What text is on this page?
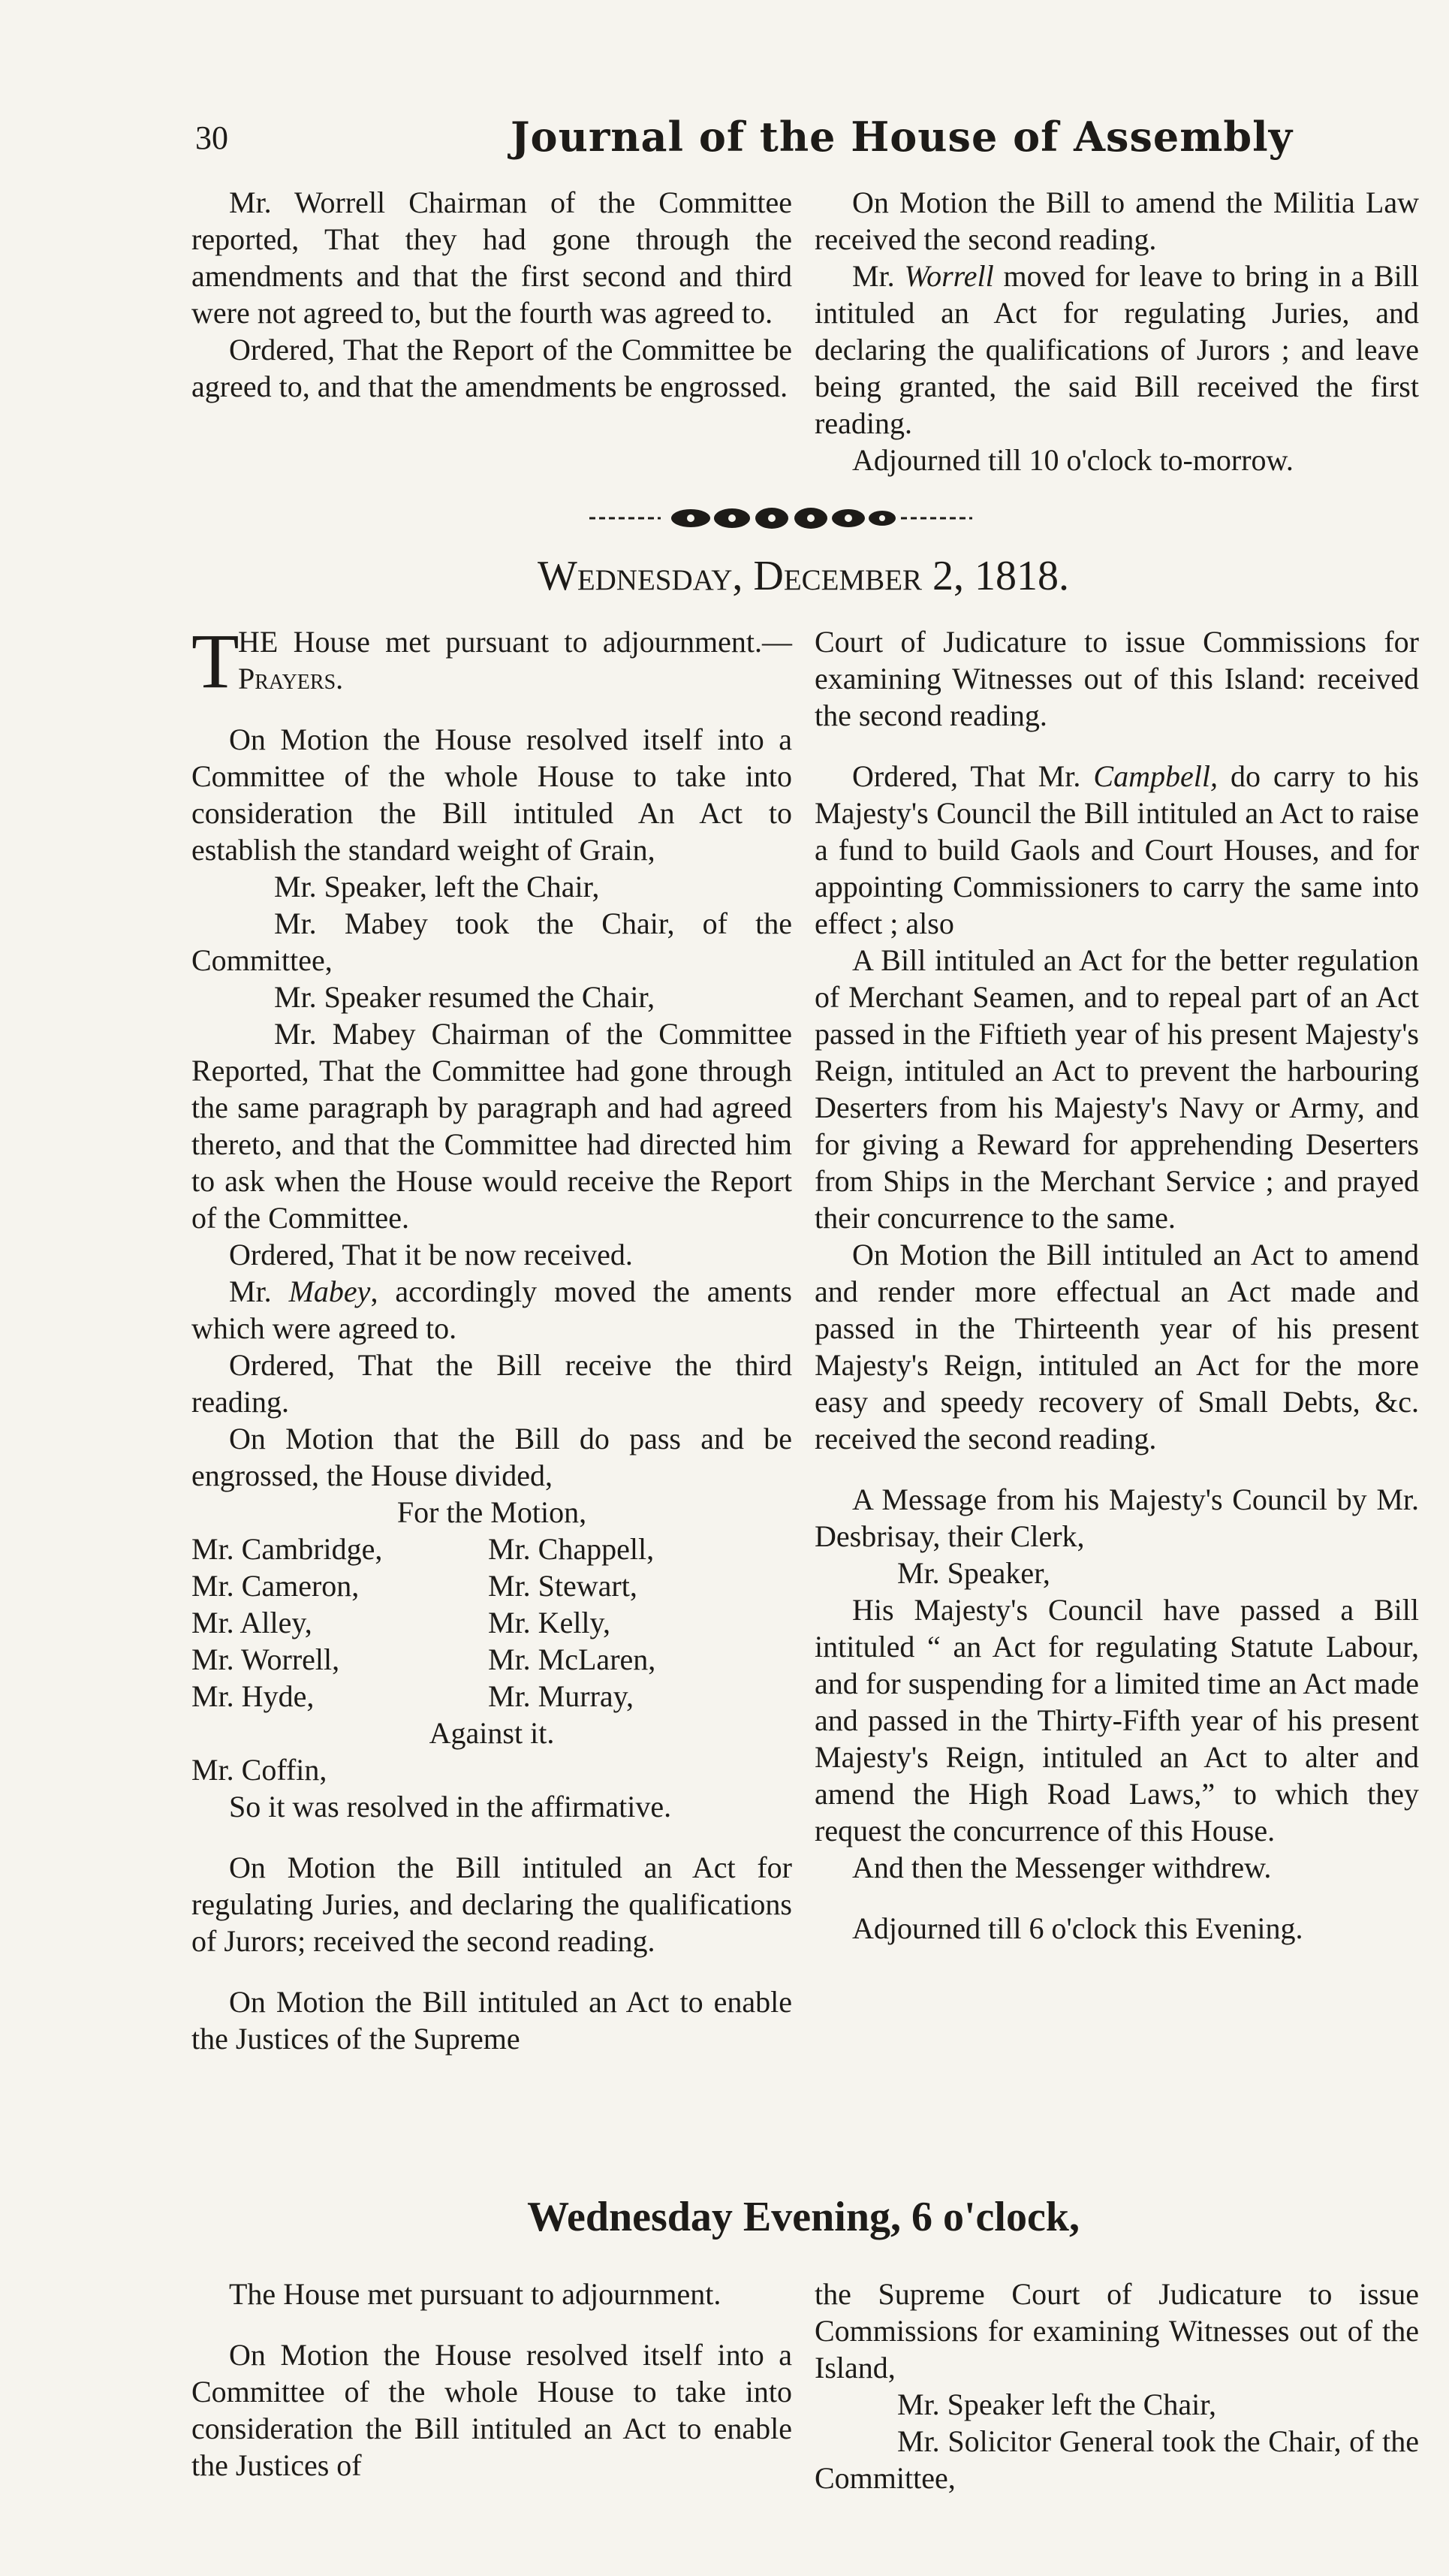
30	Journal of the House of Assembly

Mr. Worrell Chairman of the Committee reported, That they had gone through the amendments and that the first second and third were not agreed to, but the fourth was agreed to.

Ordered, That the Report of the Committee be agreed to, and that the amendments be engrossed.

On Motion the Bill to amend the Militia Law received the second reading.

Mr. Worrell moved for leave to bring in a Bill intituled an Act for regulating Juries, and declaring the qualifications of Jurors ; and leave being granted, the said Bill received the first reading.

Adjourned till 10 o'clock to-morrow.

Wednesday, December 2, 1818.
T

HE House met pursuant to adjournment.—Prayers.

On Motion the House resolved itself into a Committee of the whole House to take into consideration the Bill intituled An Act to establish the standard weight of Grain,

Mr. Speaker, left the Chair,

Mr. Mabey took the Chair, of the Committee,

Mr. Speaker resumed the Chair,

Mr. Mabey Chairman of the Committee Reported, That the Committee had gone through the same paragraph by paragraph and had agreed thereto, and that the Committee had directed him to ask when the House would receive the Report of the Committee.

Ordered, That it be now received.

Mr. Mabey, accordingly moved the aments which were agreed to.

Ordered, That the Bill receive the third reading.

On Motion that the Bill do pass and be engrossed, the House divided,

For the Motion,

Mr. Cambridge,	Mr. Chappell,
Mr. Cameron,	Mr. Stewart,
Mr. Alley,	Mr. Kelly,
Mr. Worrell,	Mr. McLaren,
Mr. Hyde,	Mr. Murray,

Against it.

Mr. Coffin,

So it was resolved in the affirmative.

On Motion the Bill intituled an Act for regulating Juries, and declaring the qualifications of Jurors; received the second reading.

On Motion the Bill intituled an Act to enable the Justices of the Supreme

Court of Judicature to issue Commissions for examining Witnesses out of this Island: received the second reading.

Ordered, That Mr. Campbell, do carry to his Majesty's Council the Bill intituled an Act to raise a fund to build Gaols and Court Houses, and for appointing Commissioners to carry the same into effect ; also

A Bill intituled an Act for the better regulation of Merchant Seamen, and to repeal part of an Act passed in the Fiftieth year of his present Majesty's Reign, intituled an Act to prevent the harbouring Deserters from his Majesty's Navy or Army, and for giving a Reward for apprehending Deserters from Ships in the Merchant Service ; and prayed their concurrence to the same.

On Motion the Bill intituled an Act to amend and render more effectual an Act made and passed in the Thirteenth year of his present Majesty's Reign, intituled an Act for the more easy and speedy recovery of Small Debts, &c. received the second reading.

A Message from his Majesty's Council by Mr. Desbrisay, their Clerk,

Mr. Speaker,

His Majesty's Council have passed a Bill intituled “ an Act for regulating Statute Labour, and for suspending for a limited time an Act made and passed in the Thirty-Fifth year of his present Majesty's Reign, intituled an Act to alter and amend the High Road Laws,” to which they request the concurrence of this House.

And then the Messenger withdrew.

Adjourned till 6 o'clock this Evening.

Wednesday Evening, 6 o'clock,

The House met pursuant to adjournment.

On Motion the House resolved itself into a Committee of the whole House to take into consideration the Bill intituled an Act to enable the Justices of

the Supreme Court of Judicature to issue Commissions for examining Witnesses out of the Island,

Mr. Speaker left the Chair,

Mr. Solicitor General took the Chair, of the Committee,
